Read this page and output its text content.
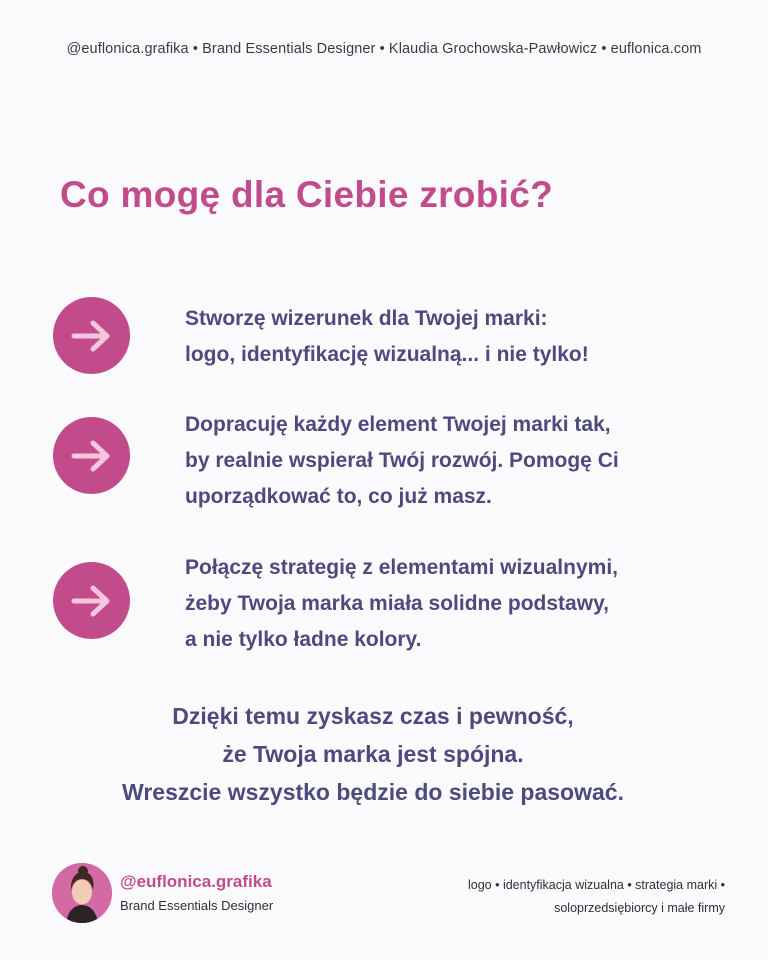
@euflonica.grafika • Brand Essentials Designer • Klaudia Grochowska-Pawłowicz • euflonica.com
Co mogę dla Ciebie zrobić?
Stworzę wizerunek dla Twojej marki:
logo, identyfikację wizualną... i nie tylko!
Dopracuję każdy element Twojej marki tak,
by realnie wspierał Twój rozwój. Pomogę Ci
uporządkować to, co już masz.
Połączę strategię z elementami wizualnymi,
żeby Twoja marka miała solidne podstawy,
a nie tylko ładne kolory.
Dzięki temu zyskasz czas i pewność,
że Twoja marka jest spójna.
Wreszcie wszystko będzie do siebie pasować.
@euflonica.grafika
Brand Essentials Designer
logo • identyfikacja wizualna • strategia marki •
soloprzedsiębiorcy i małe firmy
